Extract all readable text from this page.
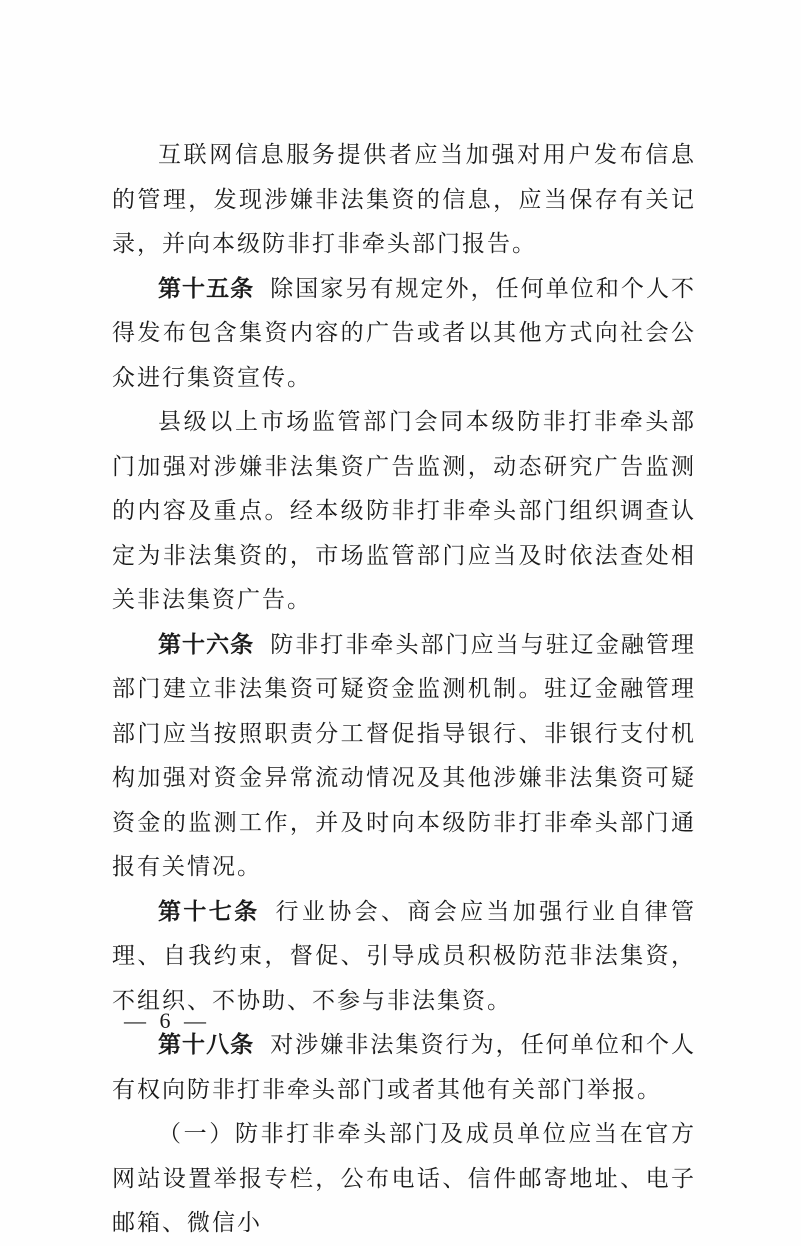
互联网信息服务提供者应当加强对用户发布信息的管理，发现涉嫌非法集资的信息，应当保存有关记录，并向本级防非打非牵头部门报告。

第十五条 除国家另有规定外，任何单位和个人不得发布包含集资内容的广告或者以其他方式向社会公众进行集资宣传。

县级以上市场监管部门会同本级防非打非牵头部门加强对涉嫌非法集资广告监测，动态研究广告监测的内容及重点。经本级防非打非牵头部门组织调查认定为非法集资的，市场监管部门应当及时依法查处相关非法集资广告。

第十六条 防非打非牵头部门应当与驻辽金融管理部门建立非法集资可疑资金监测机制。驻辽金融管理部门应当按照职责分工督促指导银行、非银行支付机构加强对资金异常流动情况及其他涉嫌非法集资可疑资金的监测工作，并及时向本级防非打非牵头部门通报有关情况。

第十七条 行业协会、商会应当加强行业自律管理、自我约束，督促、引导成员积极防范非法集资，不组织、不协助、不参与非法集资。

第十八条 对涉嫌非法集资行为，任何单位和个人有权向防非打非牵头部门或者其他有关部门举报。

（一）防非打非牵头部门及成员单位应当在官方网站设置举报专栏，公布电话、信件邮寄地址、电子邮箱、微信小

— 6 —
